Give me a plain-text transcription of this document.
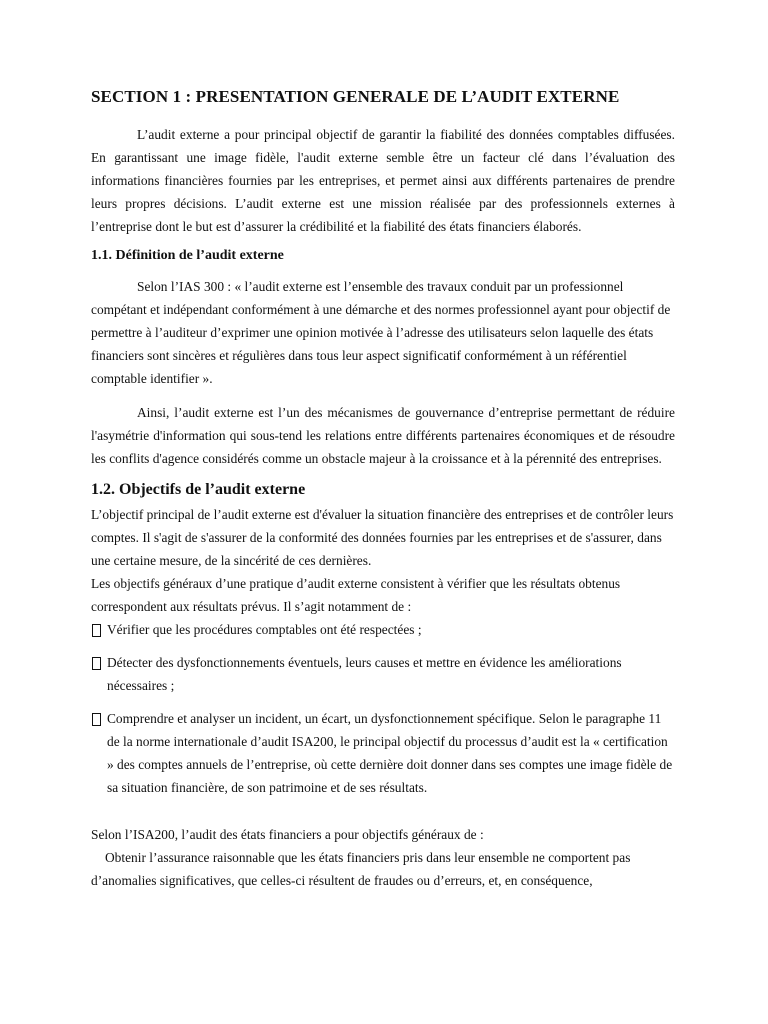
SECTION 1 : PRESENTATION GENERALE DE L’AUDIT EXTERNE

L’audit externe a pour principal objectif de garantir la fiabilité des données comptables diffusées. En garantissant une image fidèle, l'audit externe semble être un facteur clé dans l’évaluation des informations financières fournies par les entreprises, et permet ainsi aux différents partenaires de prendre leurs propres décisions. L’audit externe est une mission réalisée par des professionnels externes à l’entreprise dont le but est d’assurer la crédibilité et la fiabilité des états financiers élaborés.

1.1. Définition de l’audit externe

Selon l’IAS 300 : « l’audit externe est l’ensemble des travaux conduit par un professionnel compétant et indépendant conformément à une démarche et des normes professionnel ayant pour objectif de permettre à l’auditeur d’exprimer une opinion motivée à l’adresse des utilisateurs selon laquelle des états financiers sont sincères et régulières dans tous leur aspect significatif conformément à un référentiel comptable identifier ».

Ainsi, l’audit externe est l’un des mécanismes de gouvernance d’entreprise permettant de réduire l'asymétrie d'information qui sous-tend les relations entre différents partenaires économiques et de résoudre les conflits d'agence considérés comme un obstacle majeur à la croissance et à la pérennité des entreprises.

1.2. Objectifs de l’audit externe

L’objectif principal de l’audit externe est d'évaluer la situation financière des entreprises et de contrôler leurs comptes. Il s'agit de s'assurer de la conformité des données fournies par les entreprises et de s'assurer, dans une certaine mesure, de la sincérité de ces dernières.

Les objectifs généraux d’une pratique d’audit externe consistent à vérifier que les résultats obtenus correspondent aux résultats prévus. Il s’agit notamment de :

Vérifier que les procédures comptables ont été respectées ;

Détecter des dysfonctionnements éventuels, leurs causes et mettre en évidence les améliorations nécessaires ;

Comprendre et analyser un incident, un écart, un dysfonctionnement spécifique. Selon le paragraphe 11 de la norme internationale d’audit ISA200, le principal objectif du processus d’audit est la « certification » des comptes annuels de l’entreprise, où cette dernière doit donner dans ses comptes une image fidèle de sa situation financière, de son patrimoine et de ses résultats.

Selon l’ISA200, l’audit des états financiers a pour objectifs généraux de :

Obtenir l’assurance raisonnable que les états financiers pris dans leur ensemble ne comportent pas d’anomalies significatives, que celles-ci résultent de fraudes ou d’erreurs, et, en conséquence,
